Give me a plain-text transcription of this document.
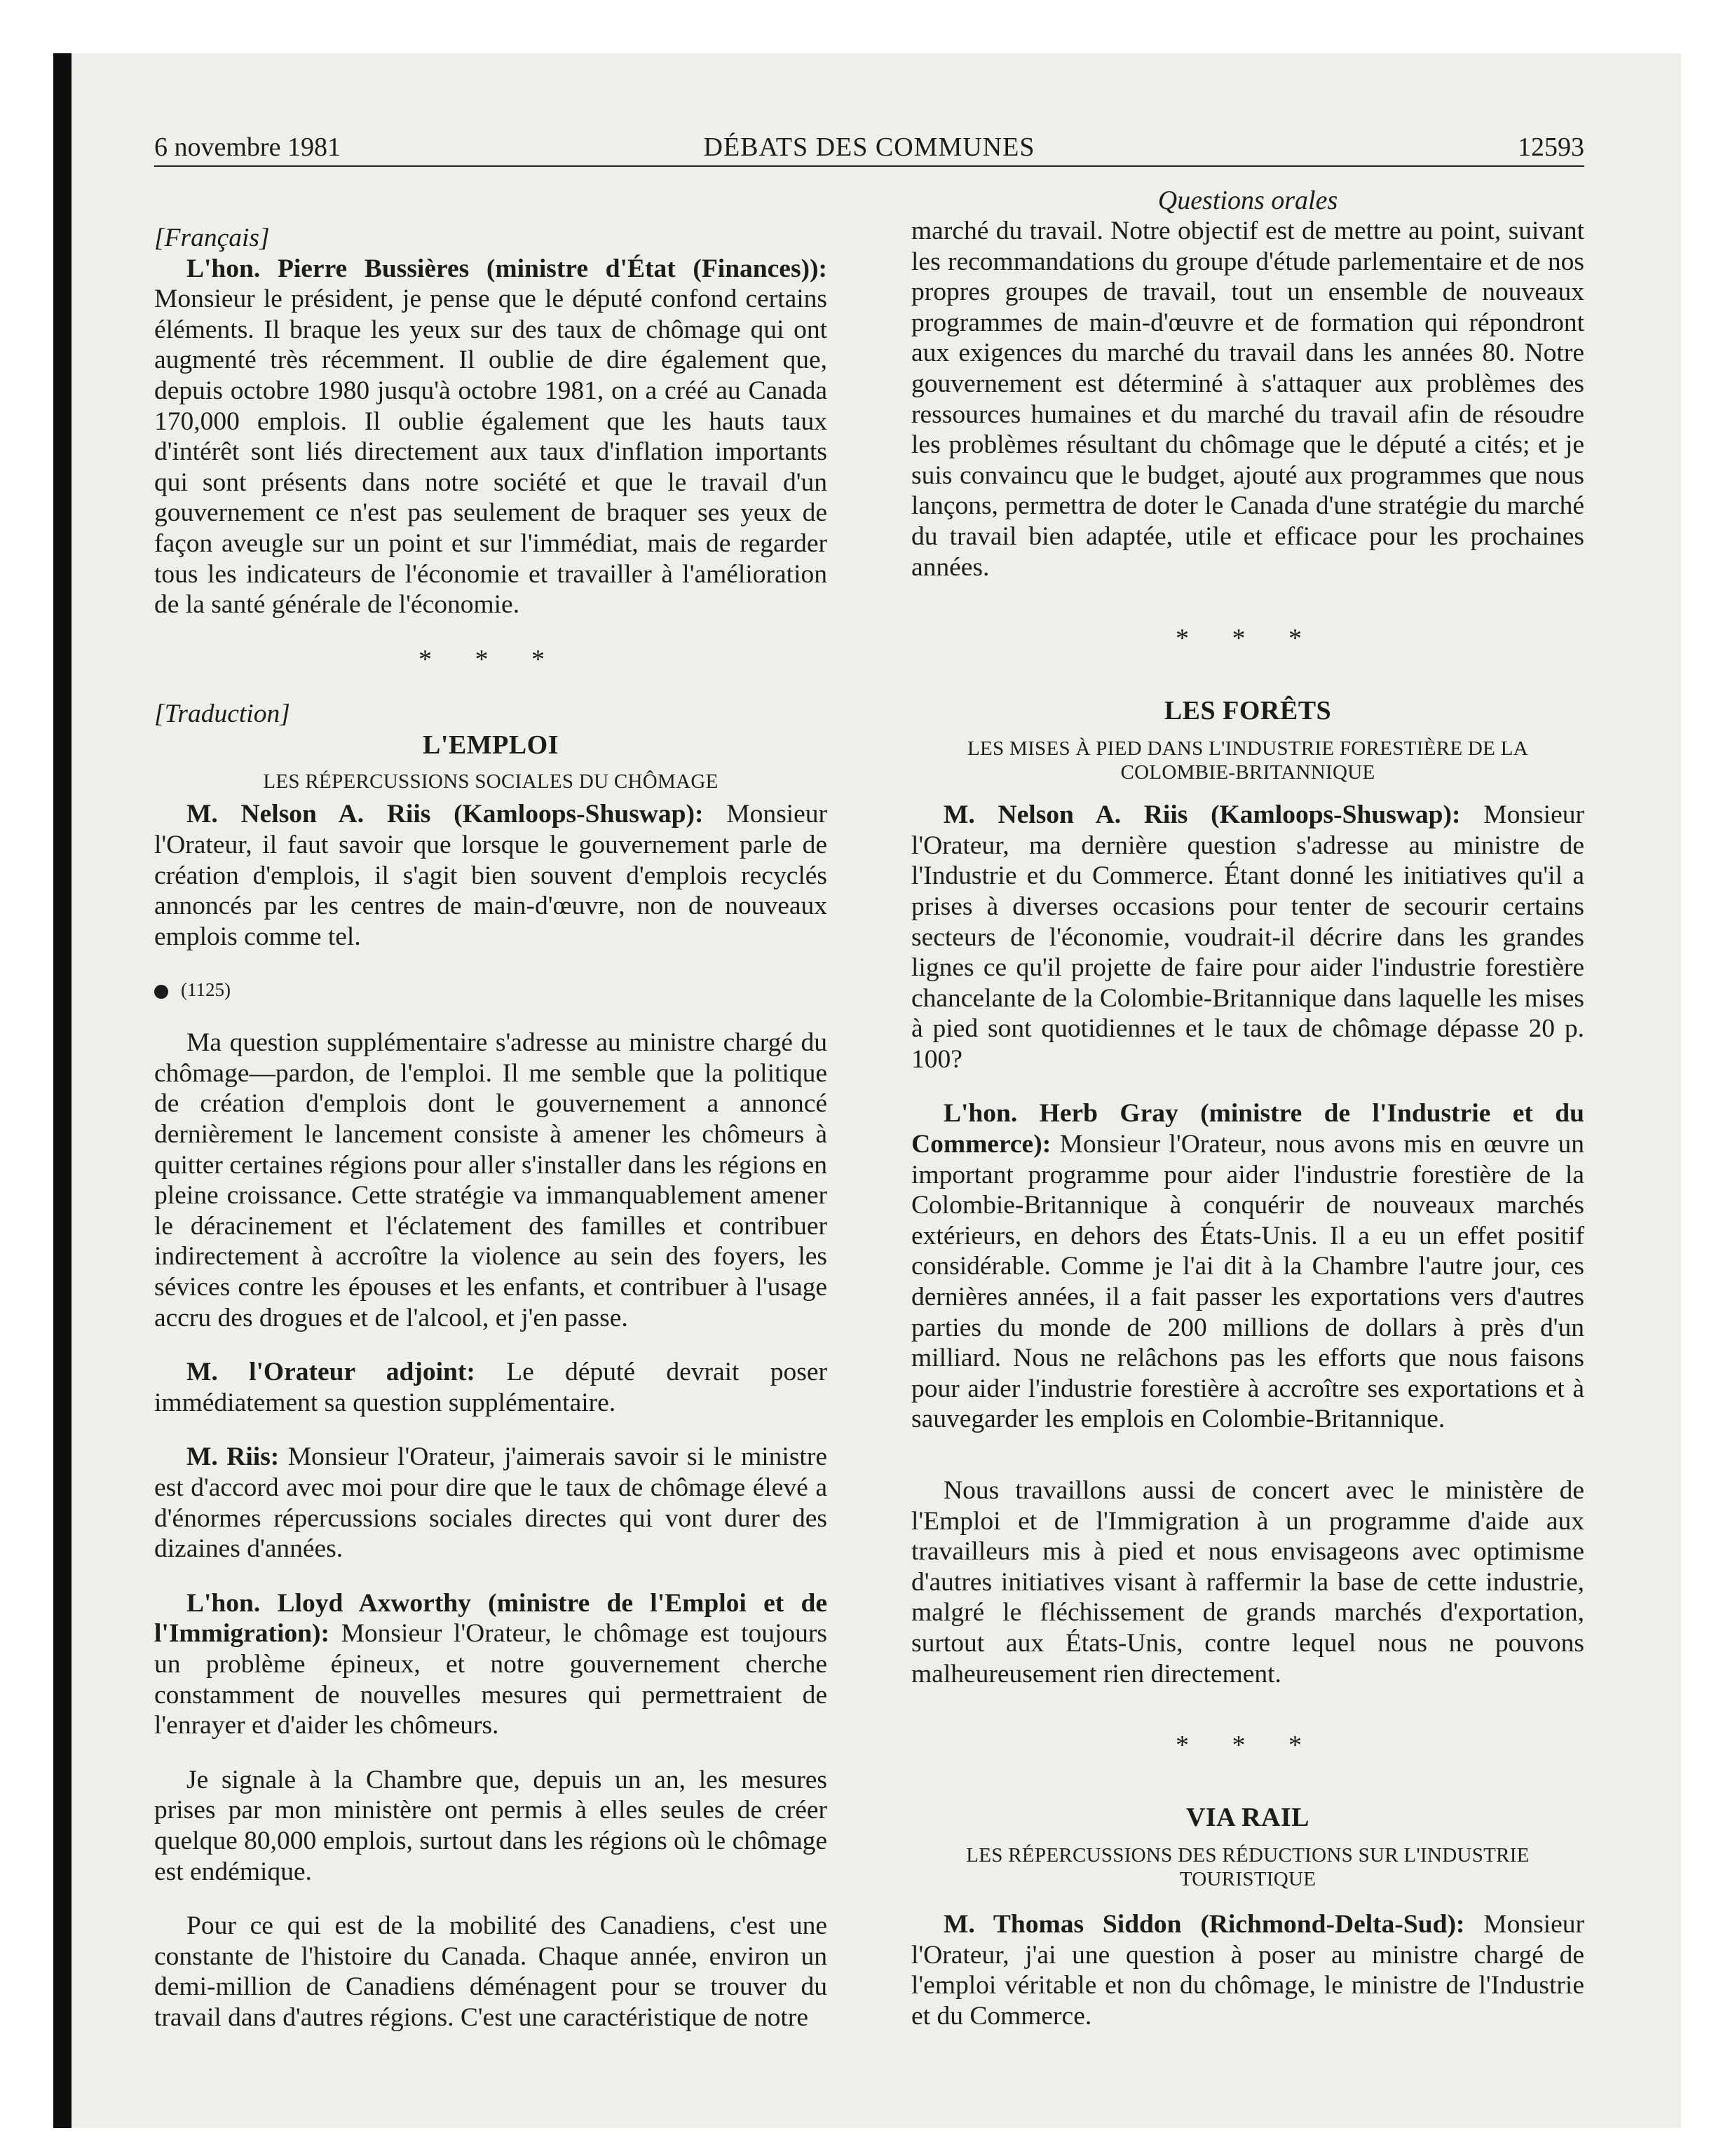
6 novembre 1981	DÉBATS DES COMMUNES	12593

[Français]

L'hon. Pierre Bussières (ministre d'État (Finances)): Monsieur le président, je pense que le député confond certains éléments. Il braque les yeux sur des taux de chômage qui ont augmenté très récemment. Il oublie de dire également que, depuis octobre 1980 jusqu'à octobre 1981, on a créé au Canada 170,000 emplois. Il oublie également que les hauts taux d'intérêt sont liés directement aux taux d'inflation importants qui sont présents dans notre société et que le travail d'un gouvernement ce n'est pas seulement de braquer ses yeux de façon aveugle sur un point et sur l'immédiat, mais de regarder tous les indicateurs de l'économie et travailler à l'amélioration de la santé générale de l'économie.

* * *

[Traduction]

L'EMPLOI

LES RÉPERCUSSIONS SOCIALES DU CHÔMAGE

M. Nelson A. Riis (Kamloops-Shuswap): Monsieur l'Orateur, il faut savoir que lorsque le gouvernement parle de création d'emplois, il s'agit bien souvent d'emplois recyclés annoncés par les centres de main-d'œuvre, non de nouveaux emplois comme tel.

(1125)

Ma question supplémentaire s'adresse au ministre chargé du chômage—pardon, de l'emploi. Il me semble que la politique de création d'emplois dont le gouvernement a annoncé dernièrement le lancement consiste à amener les chômeurs à quitter certaines régions pour aller s'installer dans les régions en pleine croissance. Cette stratégie va immanquablement amener le déracinement et l'éclatement des familles et contribuer indirectement à accroître la violence au sein des foyers, les sévices contre les épouses et les enfants, et contribuer à l'usage accru des drogues et de l'alcool, et j'en passe.

M. l'Orateur adjoint: Le député devrait poser immédiatement sa question supplémentaire.

M. Riis: Monsieur l'Orateur, j'aimerais savoir si le ministre est d'accord avec moi pour dire que le taux de chômage élevé a d'énormes répercussions sociales directes qui vont durer des dizaines d'années.

L'hon. Lloyd Axworthy (ministre de l'Emploi et de l'Immigration): Monsieur l'Orateur, le chômage est toujours un problème épineux, et notre gouvernement cherche constamment de nouvelles mesures qui permettraient de l'enrayer et d'aider les chômeurs.

Je signale à la Chambre que, depuis un an, les mesures prises par mon ministère ont permis à elles seules de créer quelque 80,000 emplois, surtout dans les régions où le chômage est endémique.

Pour ce qui est de la mobilité des Canadiens, c'est une constante de l'histoire du Canada. Chaque année, environ un demi-million de Canadiens déménagent pour se trouver du travail dans d'autres régions. C'est une caractéristique de notre

Questions orales

marché du travail. Notre objectif est de mettre au point, suivant les recommandations du groupe d'étude parlementaire et de nos propres groupes de travail, tout un ensemble de nouveaux programmes de main-d'œuvre et de formation qui répondront aux exigences du marché du travail dans les années 80. Notre gouvernement est déterminé à s'attaquer aux problèmes des ressources humaines et du marché du travail afin de résoudre les problèmes résultant du chômage que le député a cités; et je suis convaincu que le budget, ajouté aux programmes que nous lançons, permettra de doter le Canada d'une stratégie du marché du travail bien adaptée, utile et efficace pour les prochaines années.

* * *

LES FORÊTS

LES MISES À PIED DANS L'INDUSTRIE FORESTIÈRE DE LA COLOMBIE-BRITANNIQUE

M. Nelson A. Riis (Kamloops-Shuswap): Monsieur l'Orateur, ma dernière question s'adresse au ministre de l'Industrie et du Commerce. Étant donné les initiatives qu'il a prises à diverses occasions pour tenter de secourir certains secteurs de l'économie, voudrait-il décrire dans les grandes lignes ce qu'il projette de faire pour aider l'industrie forestière chancelante de la Colombie-Britannique dans laquelle les mises à pied sont quotidiennes et le taux de chômage dépasse 20 p. 100?

L'hon. Herb Gray (ministre de l'Industrie et du Commerce): Monsieur l'Orateur, nous avons mis en œuvre un important programme pour aider l'industrie forestière de la Colombie-Britannique à conquérir de nouveaux marchés extérieurs, en dehors des États-Unis. Il a eu un effet positif considérable. Comme je l'ai dit à la Chambre l'autre jour, ces dernières années, il a fait passer les exportations vers d'autres parties du monde de 200 millions de dollars à près d'un milliard. Nous ne relâchons pas les efforts que nous faisons pour aider l'industrie forestière à accroître ses exportations et à sauvegarder les emplois en Colombie-Britannique.

Nous travaillons aussi de concert avec le ministère de l'Emploi et de l'Immigration à un programme d'aide aux travailleurs mis à pied et nous envisageons avec optimisme d'autres initiatives visant à raffermir la base de cette industrie, malgré le fléchissement de grands marchés d'exportation, surtout aux États-Unis, contre lequel nous ne pouvons malheureusement rien directement.

* * *

VIA RAIL

LES RÉPERCUSSIONS DES RÉDUCTIONS SUR L'INDUSTRIE TOURISTIQUE

M. Thomas Siddon (Richmond-Delta-Sud): Monsieur l'Orateur, j'ai une question à poser au ministre chargé de l'emploi véritable et non du chômage, le ministre de l'Industrie et du Commerce.
